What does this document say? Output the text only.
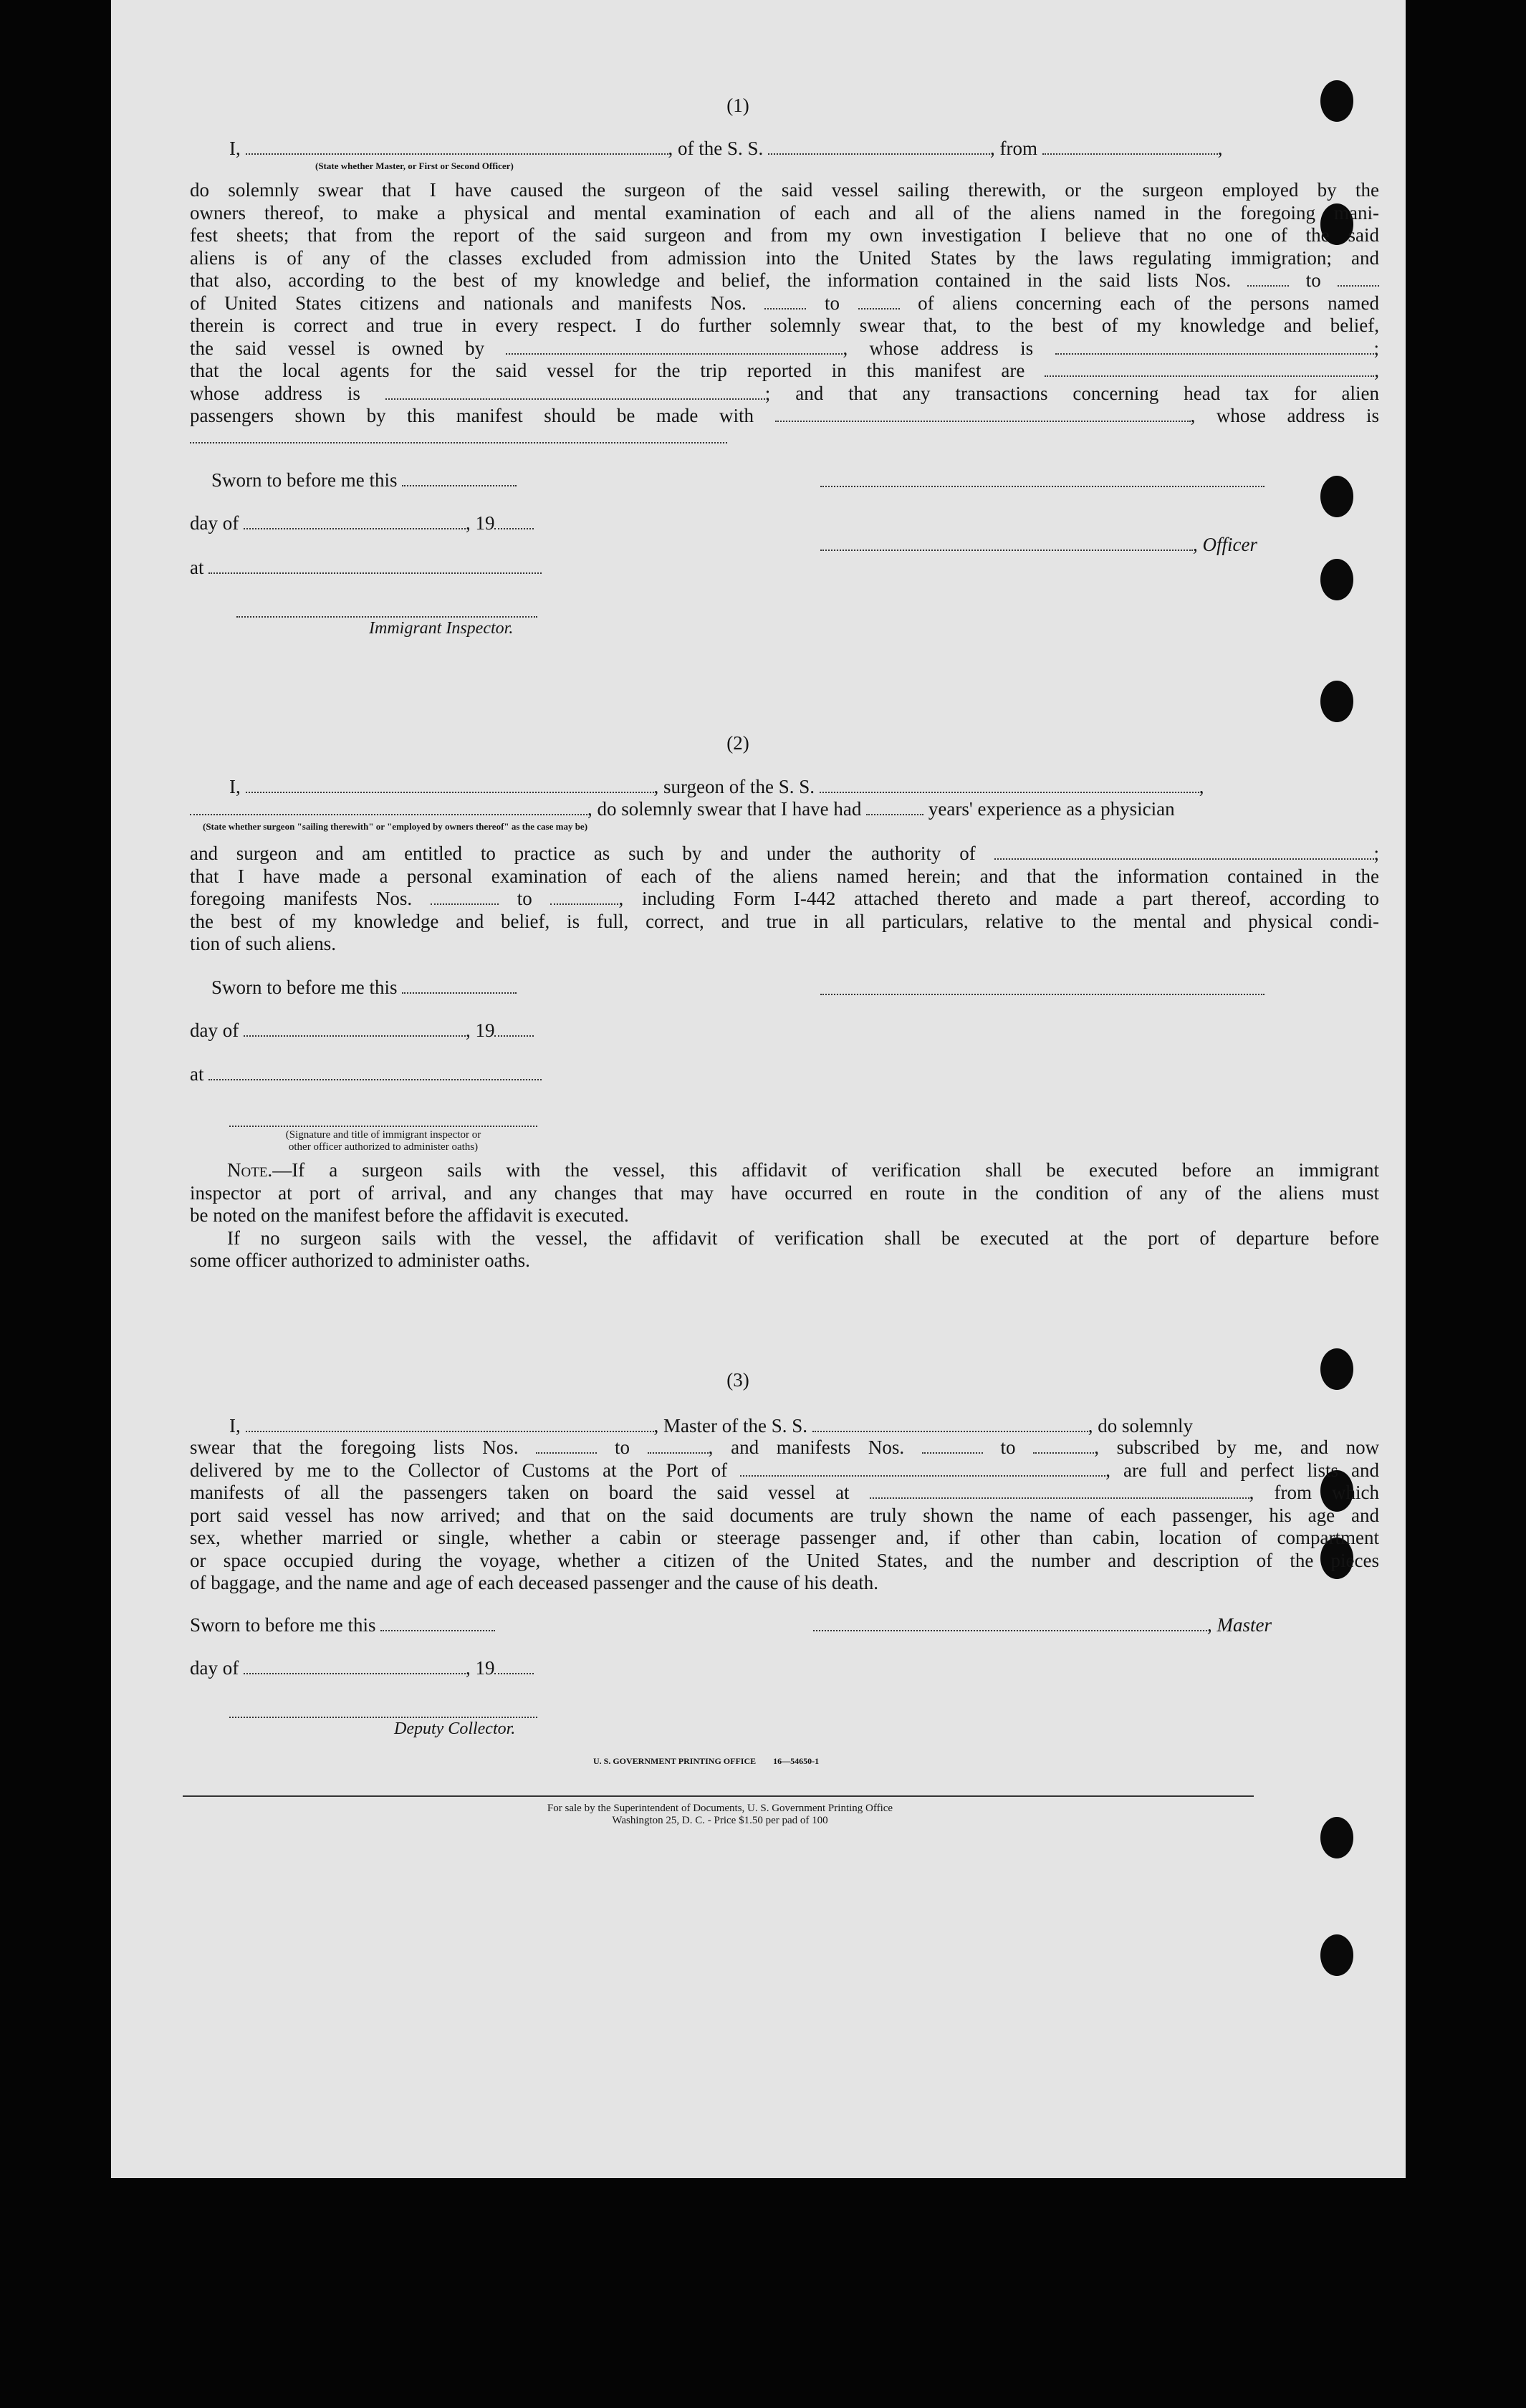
(1)
I,	, of the S. S.	, from	,
(State whether Master, or First or Second Officer)
do solemnly swear that I have caused the surgeon of the said vessel sailing therewith, or the surgeon employed by the
owners thereof, to make a physical and mental examination of each and all of the aliens named in the foregoing mani-
fest sheets; that from the report of the said surgeon and from my own investigation I believe that no one of the said
aliens is of any of the classes excluded from admission into the United States by the laws regulating immigration; and
that also, according to the best of my knowledge and belief, the information contained in the said lists Nos.	to
of United States citizens and nationals and manifests Nos.	to	of aliens concerning each of the persons named
therein is correct and true in every respect. I do further solemnly swear that, to the best of my knowledge and belief,
the said vessel is owned by	, whose address is	;
that the local agents for the said vessel for the trip reported in this manifest are	,
whose address is	; and that any transactions concerning head tax for alien
passengers shown by this manifest should be made with	, whose address is
Sworn to before me this
day of	, 19
at
Immigrant Inspector.
, Officer
(2)
I,	, surgeon of the S. S.	,
, do solemnly swear that I have had	years' experience as a physician
(State whether surgeon "sailing therewith" or "employed by owners thereof" as the case may be)
and surgeon and am entitled to practice as such by and under the authority of	;
that I have made a personal examination of each of the aliens named herein; and that the information contained in the
foregoing manifests Nos.	to	, including Form I-442 attached thereto and made a part thereof, according to
the best of my knowledge and belief, is full, correct, and true in all particulars, relative to the mental and physical condi-
tion of such aliens.
Sworn to before me this
day of	, 19
at
(Signature and title of immigrant inspector or
other officer authorized to administer oaths)
Note.—If a surgeon sails with the vessel, this affidavit of verification shall be executed before an immigrant
inspector at port of arrival, and any changes that may have occurred en route in the condition of any of the aliens must
be noted on the manifest before the affidavit is executed.
If no surgeon sails with the vessel, the affidavit of verification shall be executed at the port of departure before
some officer authorized to administer oaths.
(3)
I,	, Master of the S. S.	, do solemnly
swear that the foregoing lists Nos.	to	, and manifests Nos.	to	, subscribed by me, and now
delivered by me to the Collector of Customs at the Port of	, are full and perfect lists and
manifests of all the passengers taken on board the said vessel at	, from which
port said vessel has now arrived; and that on the said documents are truly shown the name of each passenger, his age and
sex, whether married or single, whether a cabin or steerage passenger and, if other than cabin, location of compartment
or space occupied during the voyage, whether a citizen of the United States, and the number and description of the pieces
of baggage, and the name and age of each deceased passenger and the cause of his death.
Sworn to before me this	, Master
day of	, 19
Deputy Collector.
U. S. GOVERNMENT PRINTING OFFICE        16—54650-1
For sale by the Superintendent of Documents, U. S. Government Printing Office
Washington 25, D. C. - Price $1.50 per pad of 100
